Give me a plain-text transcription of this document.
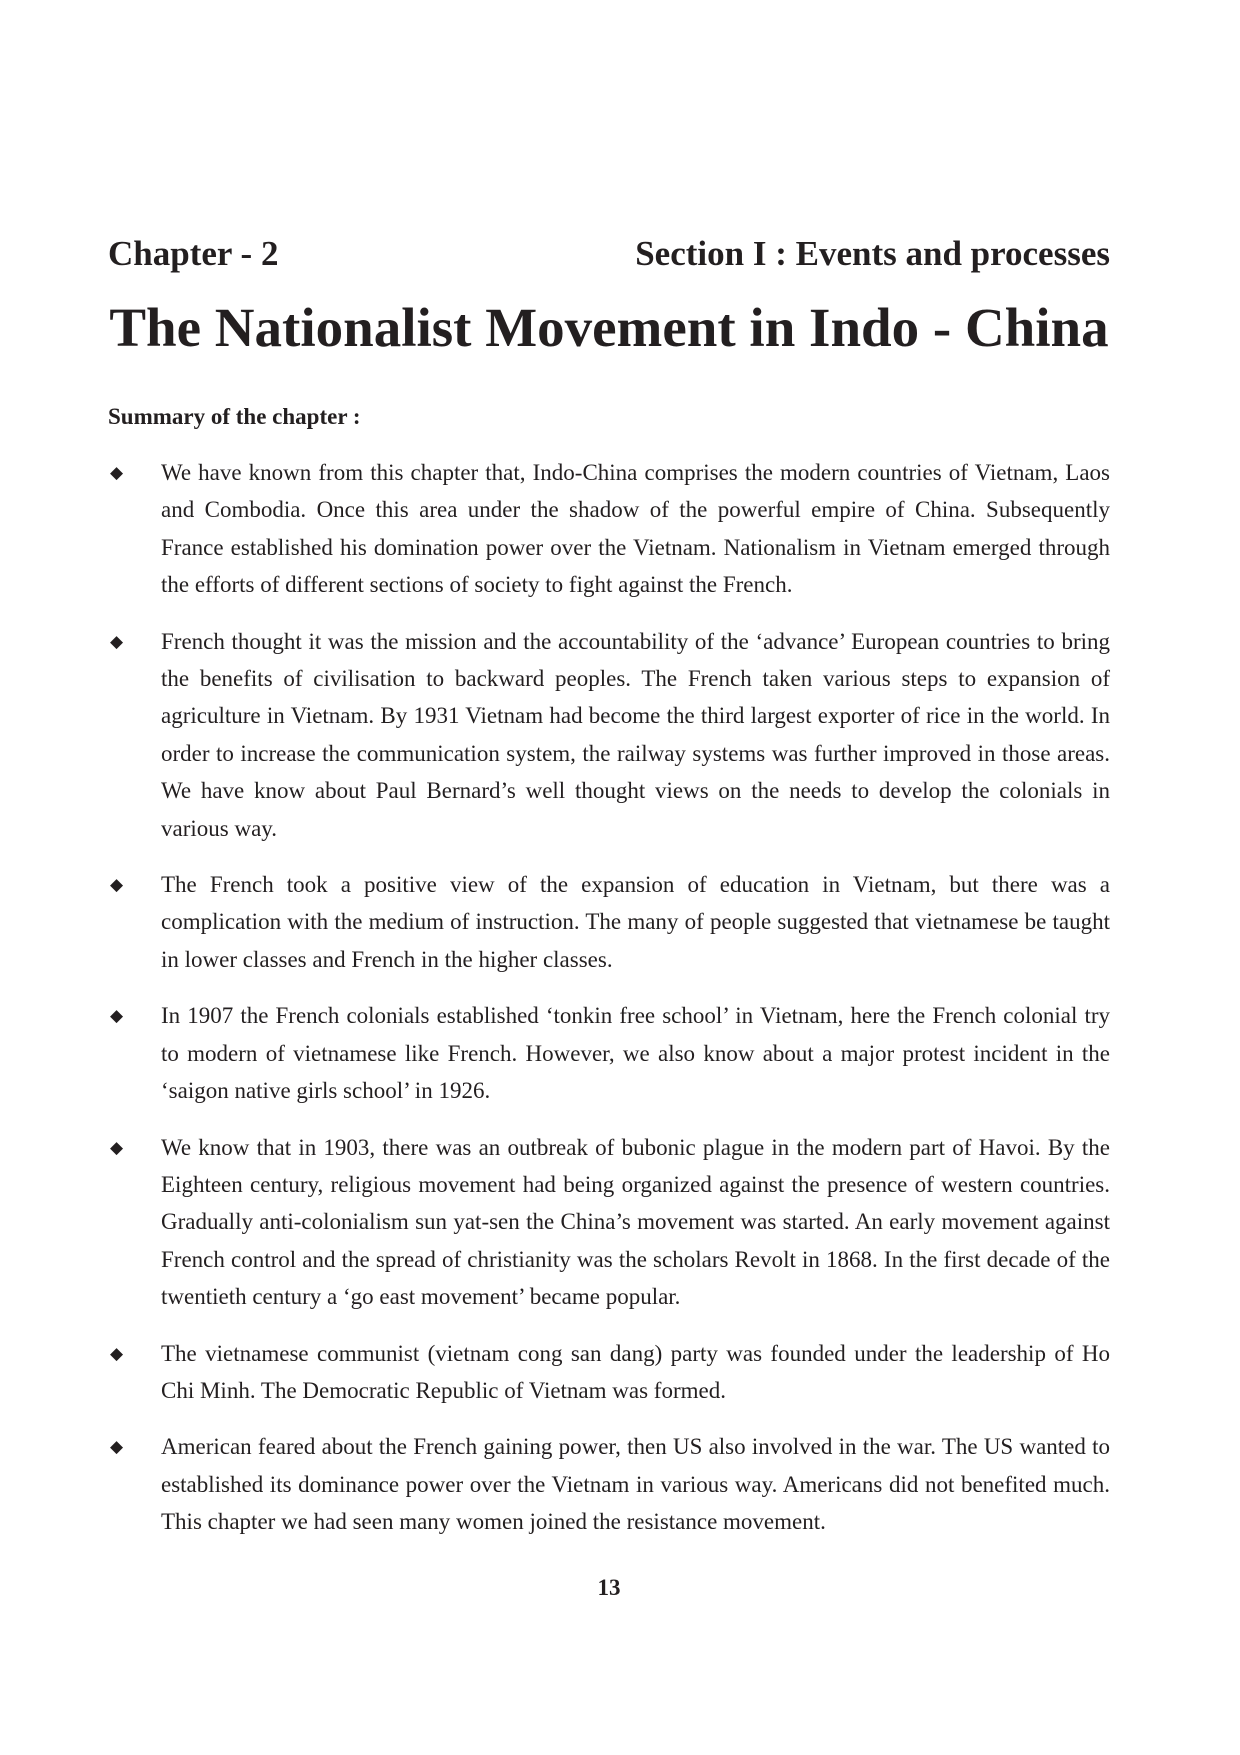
Chapter - 2	Section I : Events and processes
The Nationalist Movement in Indo - China
Summary of the chapter :
◆ We have known from this chapter that, Indo-China comprises the modern countries of Vietnam, Laos and Combodia. Once this area under the shadow of the powerful empire of China. Subsequently France established his domination power over the Vietnam. Nationalism in Vietnam emerged through the efforts of different sections of society to fight against the French.
◆ French thought it was the mission and the accountability of the ‘advance’ European countries to bring the benefits of civilisation to backward peoples. The French taken various steps to expansion of agriculture in Vietnam. By 1931 Vietnam had become the third largest exporter of rice in the world. In order to increase the communication system, the railway systems was further improved in those areas. We have know about Paul Bernard’s well thought views on the needs to develop the colonials in various way.
◆ The French took a positive view of the expansion of education in Vietnam, but there was a complication with the medium of instruction. The many of people suggested that vietnamese be taught in lower classes and French in the higher classes.
◆ In 1907 the French colonials established ‘tonkin free school’ in Vietnam, here the French colonial try to modern of vietnamese like French. However, we also know about a major protest incident in the ‘saigon native girls school’ in 1926.
◆ We know that in 1903, there was an outbreak of bubonic plague in the modern part of Havoi. By the Eighteen century, religious movement had being organized against the presence of western countries. Gradually anti-colonialism sun yat-sen the China’s movement was started. An early movement against French control and the spread of christianity was the scholars Revolt in 1868. In the first decade of the twentieth century a ‘go east movement’ became popular.
◆ The vietnamese communist (vietnam cong san dang) party was founded under the leadership of Ho Chi Minh. The Democratic Republic of Vietnam was formed.
◆ American feared about the French gaining power, then US also involved in the war. The US wanted to established its dominance power over the Vietnam in various way. Americans did not benefited much. This chapter we had seen many women joined the resistance movement.
13
